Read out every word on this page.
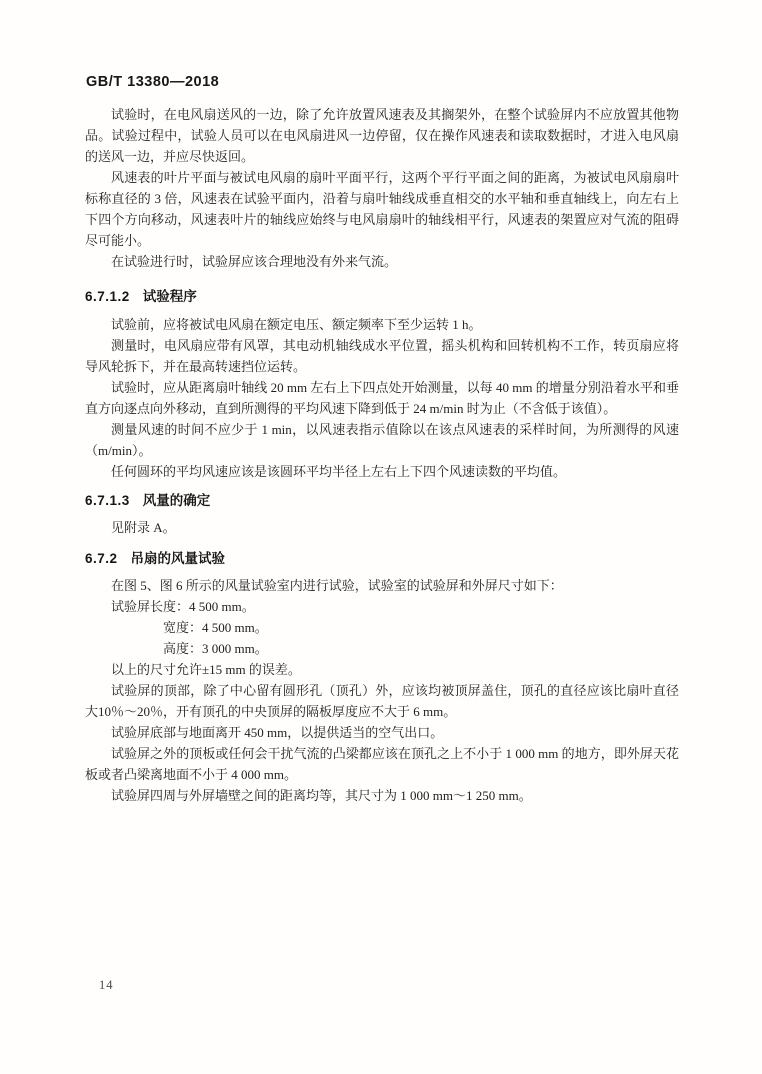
GB/T 13380—2018
试验时，在电风扇送风的一边，除了允许放置风速表及其搁架外，在整个试验屏内不应放置其他物品。试验过程中，试验人员可以在电风扇进风一边停留，仅在操作风速表和读取数据时，才进入电风扇的送风一边，并应尽快返回。
风速表的叶片平面与被试电风扇的扇叶平面平行，这两个平行平面之间的距离，为被试电风扇扇叶标称直径的 3 倍，风速表在试验平面内，沿着与扇叶轴线成垂直相交的水平轴和垂直轴线上，向左右上下四个方向移动，风速表叶片的轴线应始终与电风扇扇叶的轴线相平行，风速表的架置应对气流的阻碍尽可能小。
在试验进行时，试验屏应该合理地没有外来气流。
6.7.1.2 试验程序
试验前，应将被试电风扇在额定电压、额定频率下至少运转 1 h。
测量时，电风扇应带有风罩，其电动机轴线成水平位置，摇头机构和回转机构不工作，转页扇应将导风轮拆下，并在最高转速挡位运转。
试验时，应从距离扇叶轴线 20 mm 左右上下四点处开始测量，以每 40 mm 的增量分别沿着水平和垂直方向逐点向外移动，直到所测得的平均风速下降到低于 24 m/min 时为止（不含低于该值）。
测量风速的时间不应少于 1 min，以风速表指示值除以在该点风速表的采样时间，为所测得的风速（m/min）。
任何圆环的平均风速应该是该圆环平均半径上左右上下四个风速读数的平均值。
6.7.1.3 风量的确定
见附录 A。
6.7.2 吊扇的风量试验
在图 5、图 6 所示的风量试验室内进行试验，试验室的试验屏和外屏尺寸如下：
试验屏长度：4 500 mm。
宽度：4 500 mm。
高度：3 000 mm。
以上的尺寸允许±15 mm 的误差。
试验屏的顶部，除了中心留有圆形孔（顶孔）外，应该均被顶屏盖住，顶孔的直径应该比扇叶直径大10％～20％，开有顶孔的中央顶屏的隔板厚度应不大于 6 mm。
试验屏底部与地面离开 450 mm，以提供适当的空气出口。
试验屏之外的顶板或任何会干扰气流的凸梁都应该在顶孔之上不小于 1 000 mm 的地方，即外屏天花板或者凸梁离地面不小于 4 000 mm。
试验屏四周与外屏墙壁之间的距离均等，其尺寸为 1 000 mm～1 250 mm。
14
